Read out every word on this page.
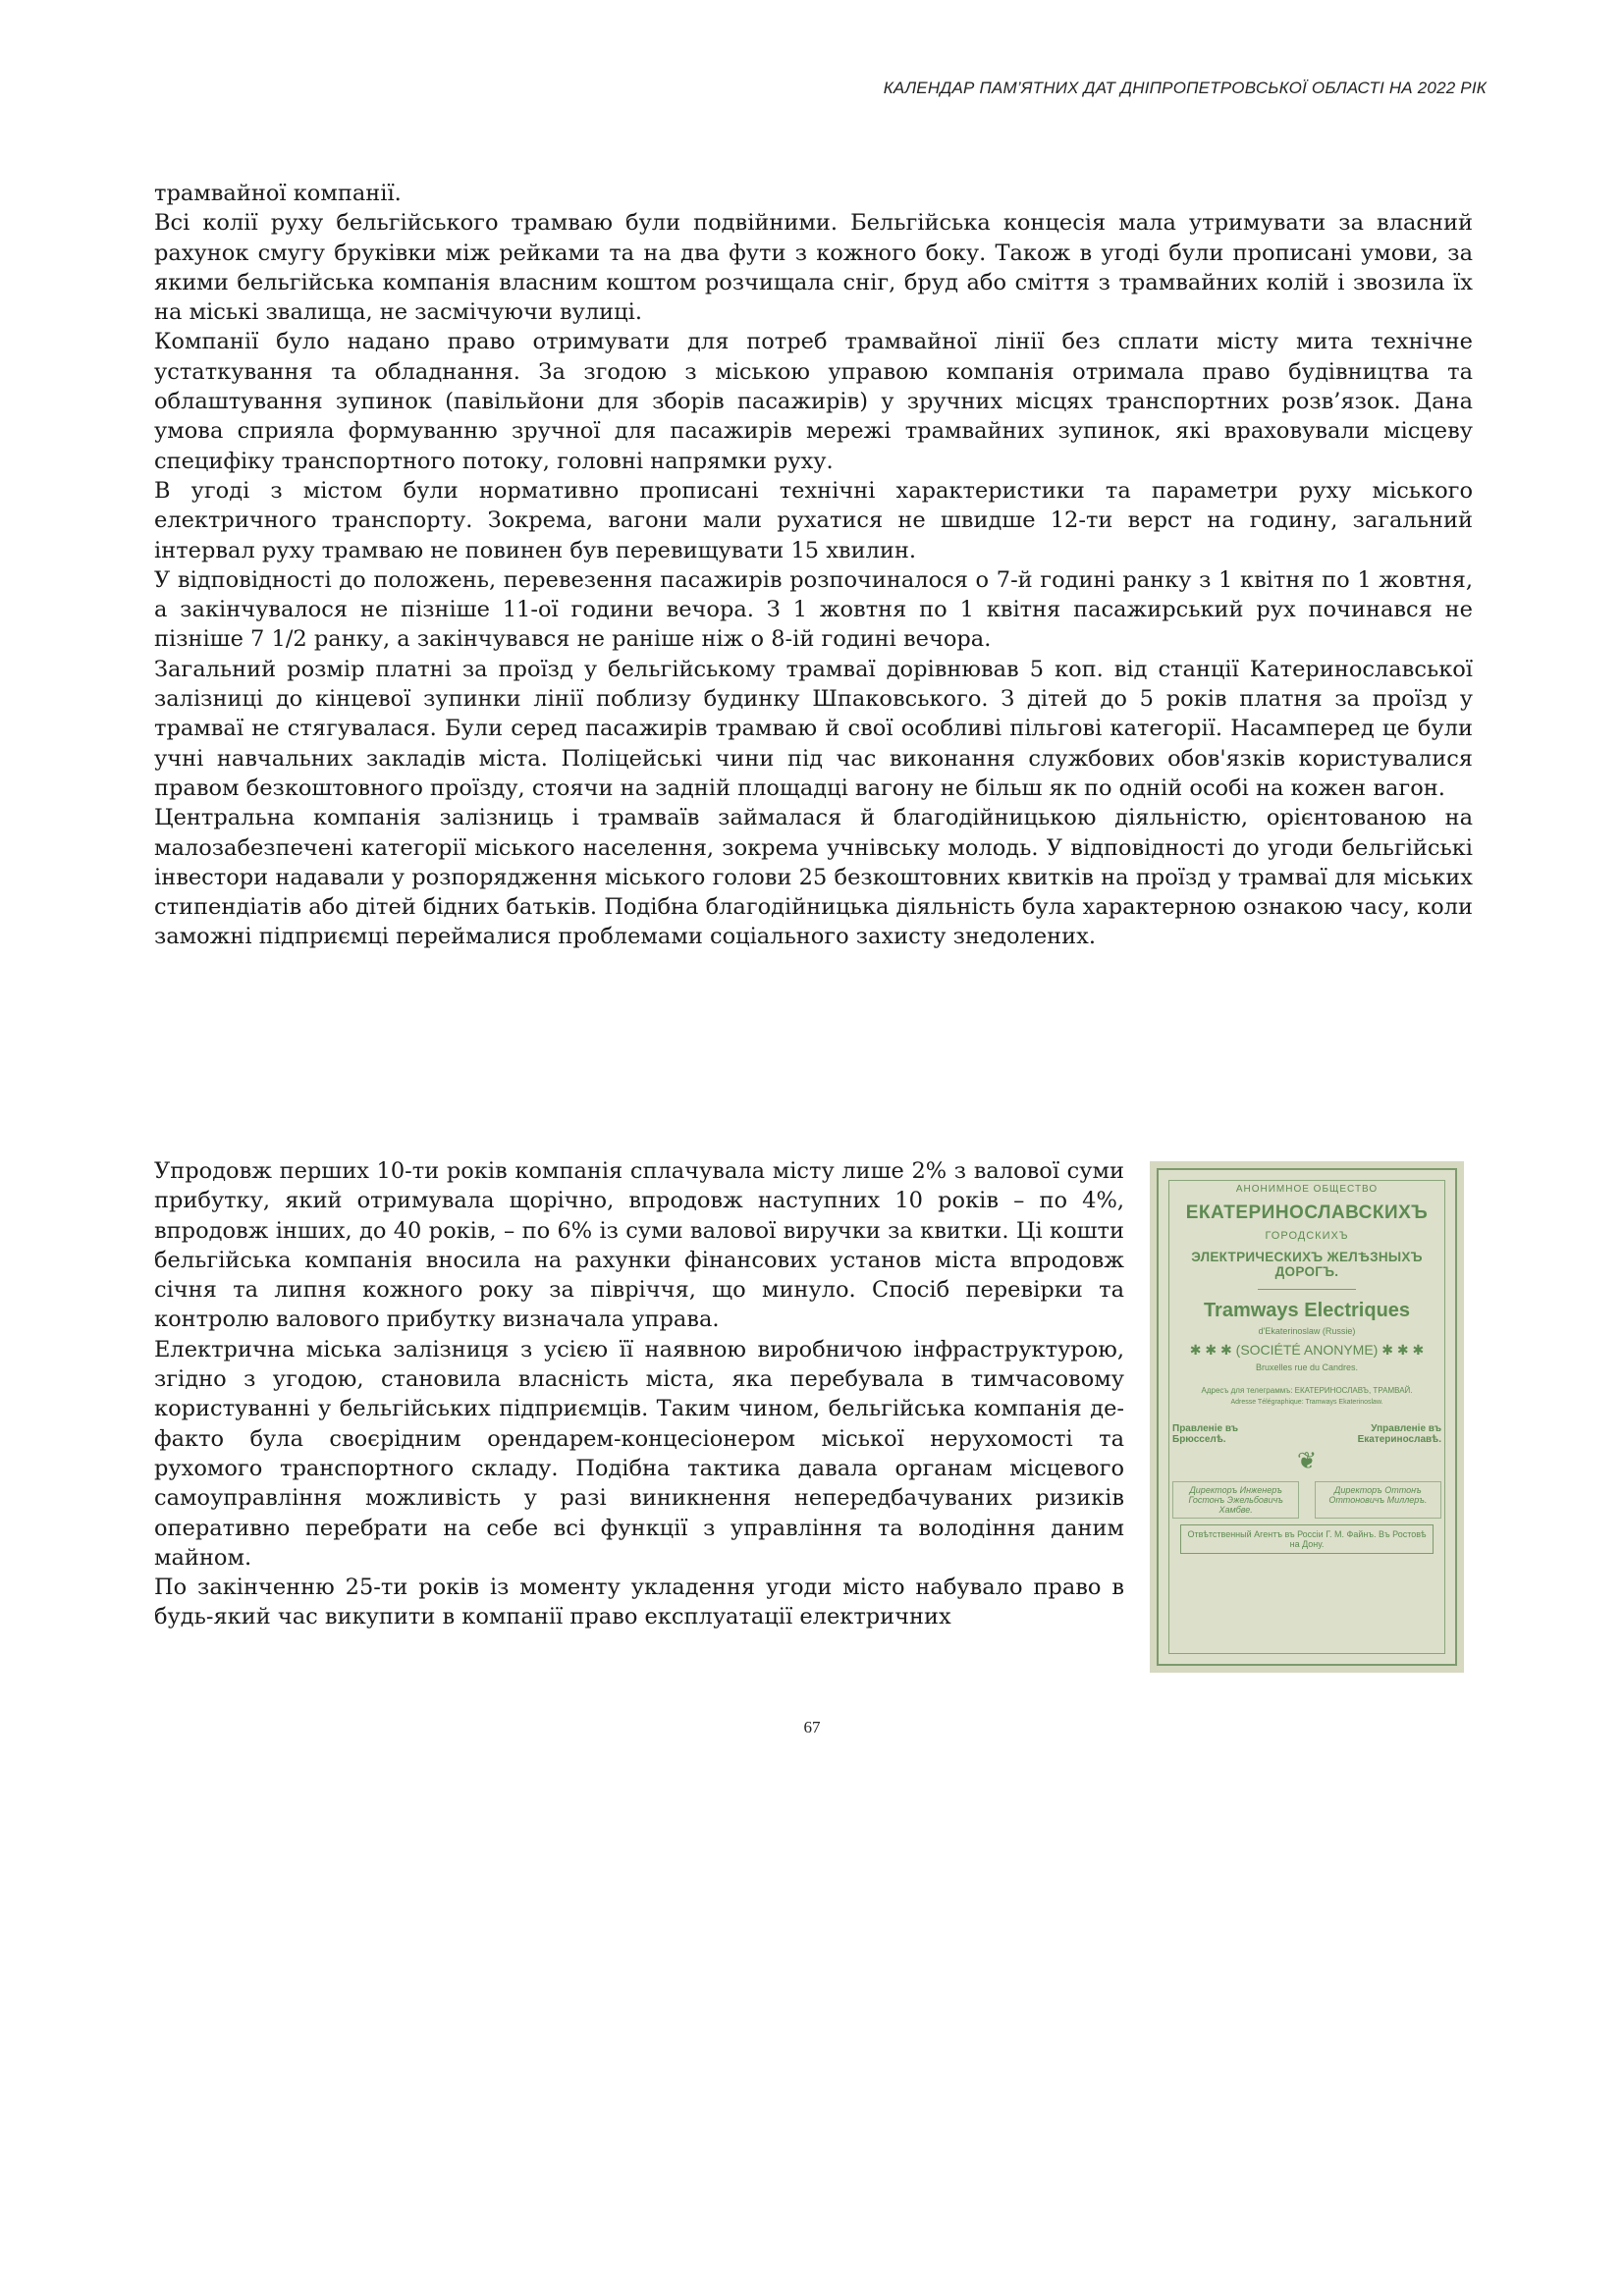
КАЛЕНДАР ПАМ’ЯТНИХ ДАТ ДНІПРОПЕТРОВСЬКОЇ ОБЛАСТІ НА 2022 РІК

трамвайної компанії.

Всі колії руху бельгійського трамваю були подвійними. Бельгійська концесія мала утримувати за власний рахунок смугу бруківки між рейками та на два фути з кожного боку. Також в угоді були прописані умови, за якими бельгійська компанія власним коштом розчищала сніг, бруд або сміття з трамвайних колій і звозила їх на міські звалища, не засмічуючи вулиці.

Компанії було надано право отримувати для потреб трамвайної лінії без сплати місту мита технічне устаткування та обладнання. За згодою з міською управою компанія отримала право будівництва та облаштування зупинок (павільйони для зборів пасажирів) у зручних місцях транспортних розв’язок. Дана умова сприяла формуванню зручної для пасажирів мережі трамвайних зупинок, які враховували місцеву специфіку транспортного потоку, головні напрямки руху.

В угоді з містом були нормативно прописані технічні характеристики та параметри руху міського електричного транспорту. Зокрема, вагони мали рухатися не швидше 12-ти верст на годину, загальний інтервал руху трамваю не повинен був перевищувати 15 хвилин.

У відповідності до положень, перевезення пасажирів розпочиналося о 7-й годині ранку з 1 квітня по 1 жовтня, а закінчувалося не пізніше 11-ої години вечора. З 1 жовтня по 1 квітня пасажирський рух починався не пізніше 7 1/2 ранку, а закінчувався не раніше ніж о 8-ій годині вечора.

Загальний розмір платні за проїзд у бельгійському трамваї дорівнював 5 коп. від станції Катеринославської залізниці до кінцевої зупинки лінії поблизу будинку Шпаковського. З дітей до 5 років платня за проїзд у трамваї не стягувалася. Були серед пасажирів трамваю й свої особливі пільгові категорії. Насамперед це були учні навчальних закладів міста. Поліцейські чини під час виконання службових обов'язків користувалися правом безкоштовного проїзду, стоячи на задній площадці вагону не більш як по одній особі на кожен вагон.

Центральна компанія залізниць і трамваїв займалася й благодійницькою діяльністю, орієнтованою на малозабезпечені категорії міського населення, зокрема учнівську молодь. У відповідності до угоди бельгійські інвестори надавали у розпорядження міського голови 25 безкоштовних квитків на проїзд у трамваї для міських стипендіатів або дітей бідних батьків. Подібна благодійницька діяльність була характерною ознакою часу, коли заможні підприємці переймалися проблемами соціального захисту знедолених.

Упродовж перших 10-ти років компанія сплачувала місту лише 2% з валової суми прибутку, який отримувала щорічно, впродовж наступних 10 років – по 4%, впродовж інших, до 40 років, – по 6% із суми валової виручки за квитки. Ці кошти бельгійська компанія вносила на рахунки фінансових установ міста впродовж січня та липня кожного року за півріччя, що минуло. Спосіб перевірки та контролю валового прибутку визначала управа.

Електрична міська залізниця з усією її наявною виробничою інфраструктурою, згідно з угодою, становила власність міста, яка перебувала в тимчасовому користуванні у бельгійських підприємців. Таким чином, бельгійська компанія де-факто була своєрідним орендарем-концесіонером міської нерухомості та рухомого транспортного складу. Подібна тактика давала органам місцевого самоуправління можливість у разі виникнення непередбачуваних ризиків оперативно перебрати на себе всі функції з управління та володіння даним майном.

По закінченню 25-ти років із моменту укладення угоди місто набувало право в будь-який час викупити в компанії право експлуатації електричних

АНОНИМНОЕ ОБЩЕСТВО
ЕКАТЕРИНОСЛАВСКИХЪ
ГОРОДСКИХЪ
ЭЛЕКТРИЧЕСКИХЪ ЖЕЛѢЗНЫХЪ ДОРОГЪ.
Tramways Electriques
d'Ekaterinoslaw (Russie)
✱ ✱ ✱ (SOCIÉTÉ ANONYME) ✱ ✱ ✱
Bruxelles rue du Candres.
Адресъ для телеграммъ: ЕКАТЕРИНОСЛАВЪ, ТРАМВАЙ.
Adresse Télégraphique: Tramways Ekaterinoslaw.
Правленіе въ Брюсселѣ.
Управленіе въ Екатеринославѣ.
❦
Директоръ Инженеръ Гостонъ Эжельбовичъ Хамбве.
Директоръ Оттонъ Оттоновичъ Миллеръ.
Отвѣтственный Агентъ въ Россіи Г. М. Файнъ. Въ Ростовѣ на Дону.
67
